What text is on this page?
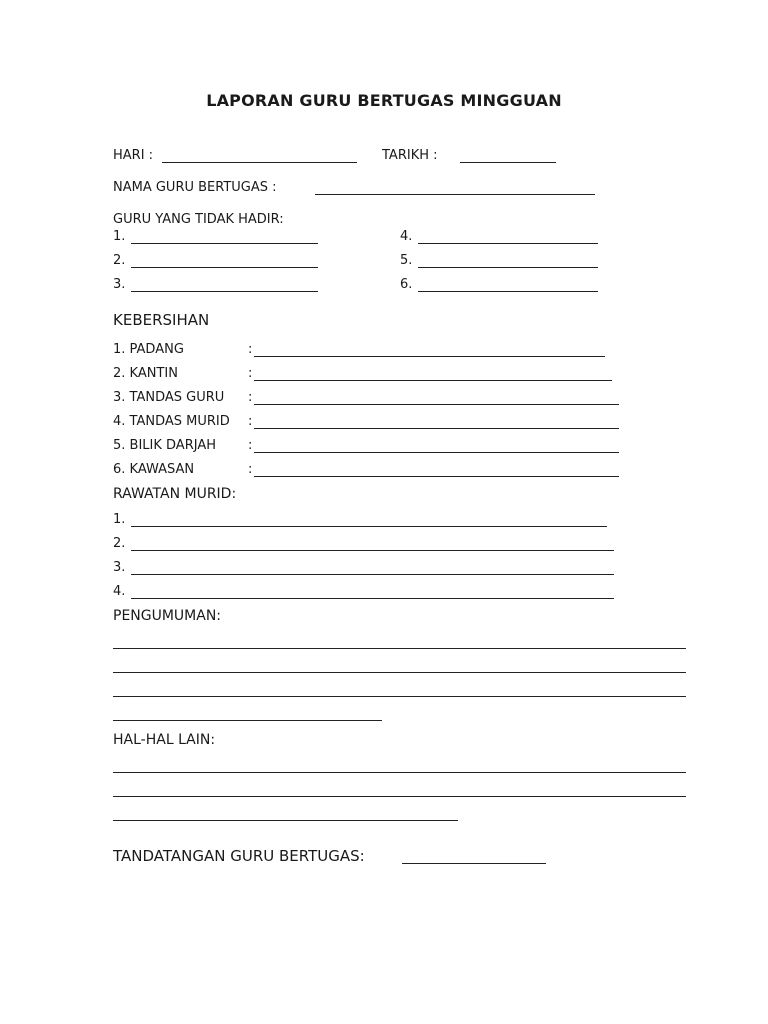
LAPORAN GURU BERTUGAS MINGGUAN
HARI :	TARIKH :
NAMA GURU BERTUGAS :
GURU YANG TIDAK HADIR:
1.
2.
3.
4.
5.
6.
KEBERSIHAN
1. PADANG	:
2. KANTIN	:
3. TANDAS GURU :
4. TANDAS MURID :
5. BILIK DARJAH :
6. KAWASAN	:
RAWATAN MURID:
1.
2.
3.
4.
PENGUMUMAN:
HAL-HAL LAIN:
TANDATANGAN GURU BERTUGAS:
